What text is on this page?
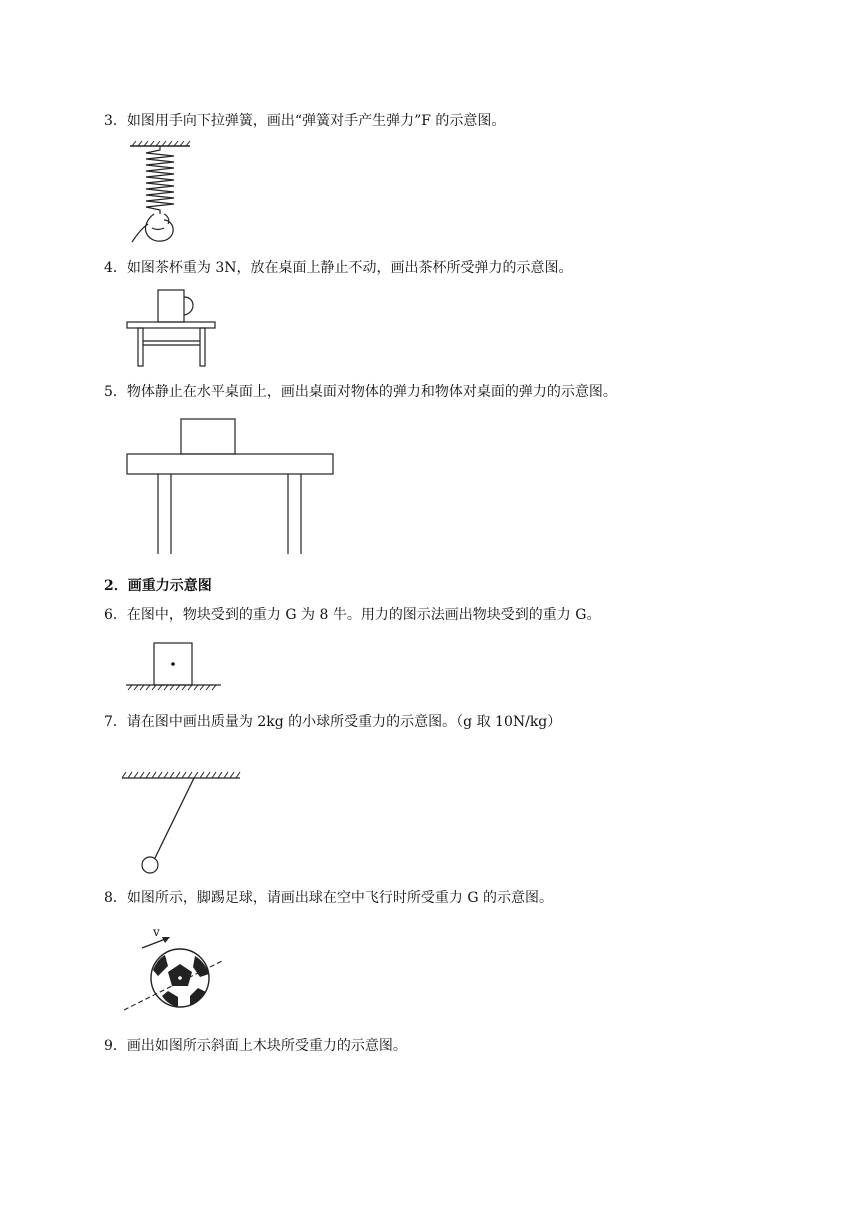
3．如图用手向下拉弹簧，画出“弹簧对手产生弹力”F 的示意图。
4．如图茶杯重为 3N，放在桌面上静止不动，画出茶杯所受弹力的示意图。
5．物体静止在水平桌面上，画出桌面对物体的弹力和物体对桌面的弹力的示意图。
2．画重力示意图
6．在图中，物块受到的重力 G 为 8 牛。用力的图示法画出物块受到的重力 G。
7．请在图中画出质量为 2kg 的小球所受重力的示意图。（g 取 10N/kg）
8．如图所示，脚踢足球，请画出球在空中飞行时所受重力 G 的示意图。
v
9．画出如图所示斜面上木块所受重力的示意图。
